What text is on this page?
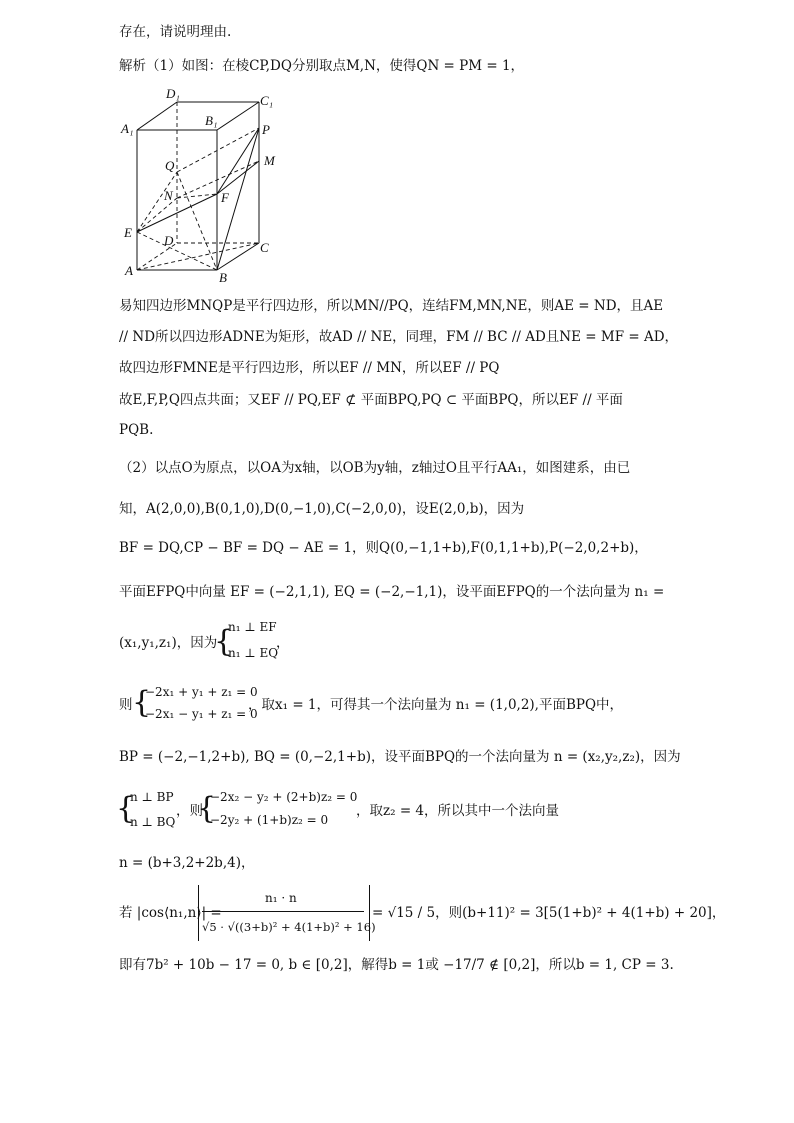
存在，请说明理由.
解析（1）如图：在棱CP,DQ分别取点M,N，使得QN = PM = 1，
D₁	C₁
A₁
B₁
P
M
Q
N	F
E
D	C
A	B
易知四边形MNQP是平行四边形，所以MN//PQ，连结FM,MN,NE，则AE = ND，且AE
// ND所以四边形ADNE为矩形，故AD // NE，同理，FM // BC // AD且NE = MF = AD，
故四边形FMNE是平行四边形，所以EF // MN，所以EF // PQ
故E,F,P,Q四点共面；又EF // PQ,EF ⊄ 平面BPQ,PQ ⊂ 平面BPQ，所以EF // 平面
PQB.
（2）以点O为原点，以OA为x轴，以OB为y轴，z轴过O且平行AA₁，如图建系，由已
知，A(2,0,0),B(0,1,0),D(0,−1,0),C(−2,0,0)，设E(2,0,b)，因为
BF = DQ,CP − BF = DQ − AE = 1，则Q(0,−1,1+b),F(0,1,1+b),P(−2,0,2+b)，
平面EFPQ中向量 EF = (−2,1,1), EQ = (−2,−1,1)，设平面EFPQ的一个法向量为 n₁ =
(x₁,y₁,z₁)，因为
{
n₁ ⊥ EF
n₁ ⊥ EQ
，
则 {
−2x₁ + y₁ + z₁ = 0
−2x₁ − y₁ + z₁ = 0
，取x₁ = 1，可得其一个法向量为 n₁ = (1,0,2),平面BPQ中，
BP = (−2,−1,2+b), BQ = (0,−2,1+b)，设平面BPQ的一个法向量为 n = (x₂,y₂,z₂)，因为
{
n ⊥ BP
n ⊥ BQ
，则
{
−2x₂ − y₂ + (2+b)z₂ = 0
−2y₂ + (1+b)z₂ = 0
，取z₂ = 4，所以其中一个法向量
n = (b+3,2+2b,4)，
若 |cos⟨n₁,n⟩| =
n₁ · n
√5 · √((3+b)² + 4(1+b)² + 16)
= √15 / 5，则(b+11)² = 3[5(1+b)² + 4(1+b) + 20]，
即有7b² + 10b − 17 = 0, b ∈ [0,2]，解得b = 1或 −17/7 ∉ [0,2]，所以b = 1, CP = 3.
